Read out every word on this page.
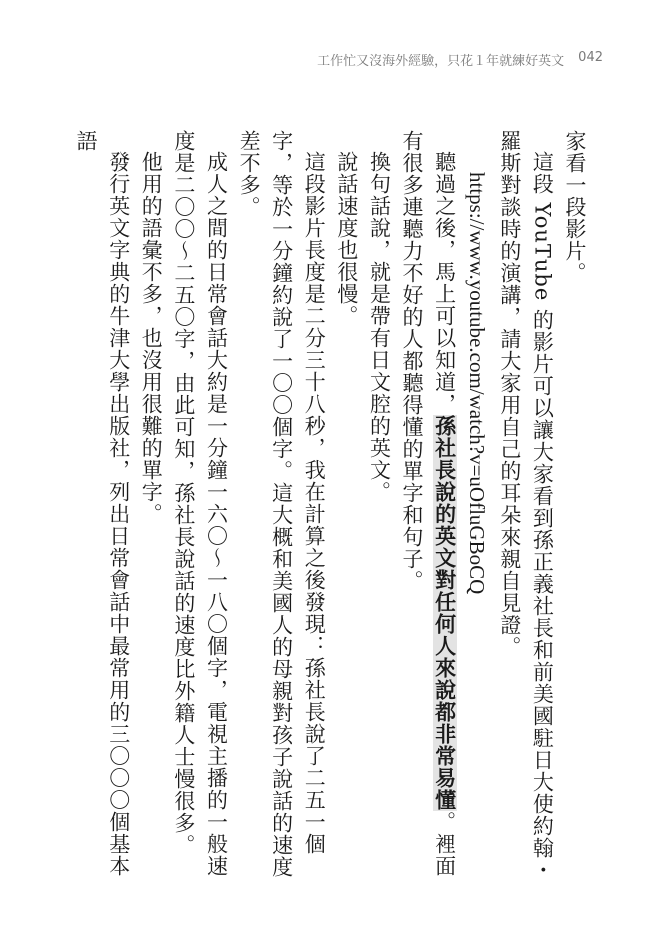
工作忙又沒海外經驗，只花１年就練好英文 042

家看一段影片。

這段 YouTube 的影片可以讓大家看到孫正義社長和前美國駐日大使約翰・羅斯對談時的演講，請大家用自己的耳朵來親自見證。

https://www.youtube.com/watch?v=uOfluGBoCQ

聽過之後，馬上可以知道，孫社長說的英文對任何人來說都非常易懂。裡面有很多連聽力不好的人都聽得懂的單字和句子。

換句話說，就是帶有日文腔的英文。

說話速度也很慢。

這段影片長度是二分三十八秒，我在計算之後發現：孫社長說了二五一個字，等於一分鐘約說了一〇〇個字。這大概和美國人的母親對孩子說話的速度差不多。

成人之間的日常會話大約是一分鐘一六〇～一八〇個字，電視主播的一般速度是二〇〇～二五〇字，由此可知，孫社長說話的速度比外籍人士慢很多。

他用的語彙不多，也沒用很難的單字。

發行英文字典的牛津大學出版社，列出日常會話中最常用的三〇〇〇個基本語
